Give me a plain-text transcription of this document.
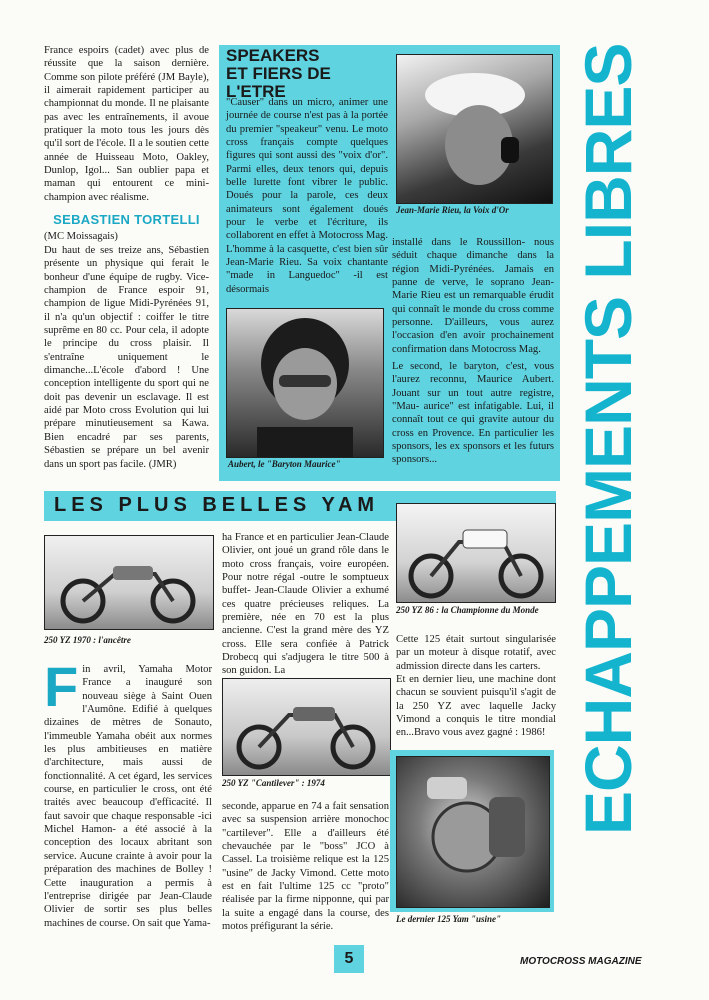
France espoirs (cadet) avec plus de réussite que la saison dernière. Comme son pilote préféré (JM Bayle), il aimerait rapidement participer au championnat du monde. Il ne plaisante pas avec les entraînements, il avoue pratiquer la moto tous les jours dès qu'il sort de l'école. Il a le soutien cette année de Huisseau Moto, Oakley, Dunlop, Igol... San oublier papa et maman qui entourent ce mini-champion avec réalisme.

SEBASTIEN TORTELLI

(MC Moissagais)

Du haut de ses treize ans, Sébastien présente un physique qui ferait le bonheur d'une équipe de rugby. Vice-champion de France espoir 91, champion de ligue Midi-Pyrénées 91, il n'a qu'un objectif : coiffer le titre suprême en 80 cc. Pour cela, il adopte le principe du cross plaisir. Il s'entraîne uniquement le dimanche...L'école d'abord ! Une conception intelligente du sport qui ne doit pas devenir un esclavage. Il est aidé par Moto cross Evolution qui lui prépare minutieusement sa Kawa. Bien encadré par ses parents, Sébastien se prépare un bel avenir dans un sport pas facile. (JMR)

SPEAKERS
ET FIERS DE L'ETRE

"Causer" dans un micro, animer une journée de course n'est pas à la portée du premier "speakeur" venu. Le moto cross français compte quelques figures qui sont aussi des "voix d'or". Parmi elles, deux tenors qui, depuis belle lurette font vibrer le public. Doués pour la parole, ces deux animateurs sont également doués pour le verbe et l'écriture, ils collaborent en effet à Motocross Mag. L'homme à la casquette, c'est bien sûr Jean-Marie Rieu. Sa voix chantante "made in Languedoc" -il est désormais

Jean-Marie Rieu, la Voix d'Or

installé dans le Roussillon- nous séduit chaque dimanche dans la région Midi-Pyrénées. Jamais en panne de verve, le soprano Jean-Marie Rieu est un remarquable érudit qui connaît le monde du cross comme personne. D'ailleurs, vous aurez l'occasion d'en avoir prochainement confirmation dans Motocross Mag.

Le second, le baryton, c'est, vous l'aurez reconnu, Maurice Aubert. Jouant sur un tout autre registre, "Mau- aurice" est infatigable. Lui, il connaît tout ce qui gravite autour du cross en Provence. En particulier les sponsors, les ex sponsors et les futurs sponsors...

Aubert, le "Baryton Maurice"	ECHAPPEMENTS LIBRES
LES PLUS BELLES YAM
250 YZ 1970 : l'ancêtre
250 YZ "Cantilever" : 1974
250 YZ 86 : la Championne du Monde
Le dernier 125 Yam "usine"
F in avril, Yamaha Motor France a inauguré son nouveau siège à Saint Ouen l'Aumône. Edifié à quelques dizaines de mètres de Sonauto, l'immeuble Yamaha obéit aux normes les plus ambitieuses en matière d'architecture, mais aussi de fonctionnalité. A cet égard, les services course, en particulier le cross, ont été traités avec beaucoup d'efficacité. Il faut savoir que chaque responsable -ici Michel Hamon- a été associé à la conception des locaux abritant son service. Aucune crainte à avoir pour la préparation des machines de Bolley ! Cette inauguration a permis à l'entreprise dirigée par Jean-Claude Olivier de sortir ses plus belles machines de course. On sait que Yama-

ha France et en particulier Jean-Claude Olivier, ont joué un grand rôle dans le moto cross français, voire européen. Pour notre régal -outre le somptueux buffet- Jean-Claude Olivier a exhumé ces quatre précieuses reliques. La première, née en 70 est la plus ancienne. C'est la grand mère des YZ cross. Elle sera confiée à Patrick Drobecq qui s'adjugera le titre 500 à son guidon. La

seconde, apparue en 74 a fait sensation avec sa suspension arrière monochoc "cartilever". Elle a d'ailleurs été chevauchée par le "boss" JCO à Cassel. La troisième relique est la 125 "usine" de Jacky Vimond. Cette moto est en fait l'ultime 125 cc "proto" réalisée par la firme nipponne, qui par la suite a engagé dans la course, des motos préfigurant la série.

Cette 125 était surtout singularisée par un moteur à disque rotatif, avec admission directe dans les carters.

Et en dernier lieu, une machine dont chacun se souvient puisqu'il s'agit de la 250 YZ avec laquelle Jacky Vimond a conquis le titre mondial en...Bravo vous avez gagné : 1986!

5	MOTOCROSS MAGAZINE
